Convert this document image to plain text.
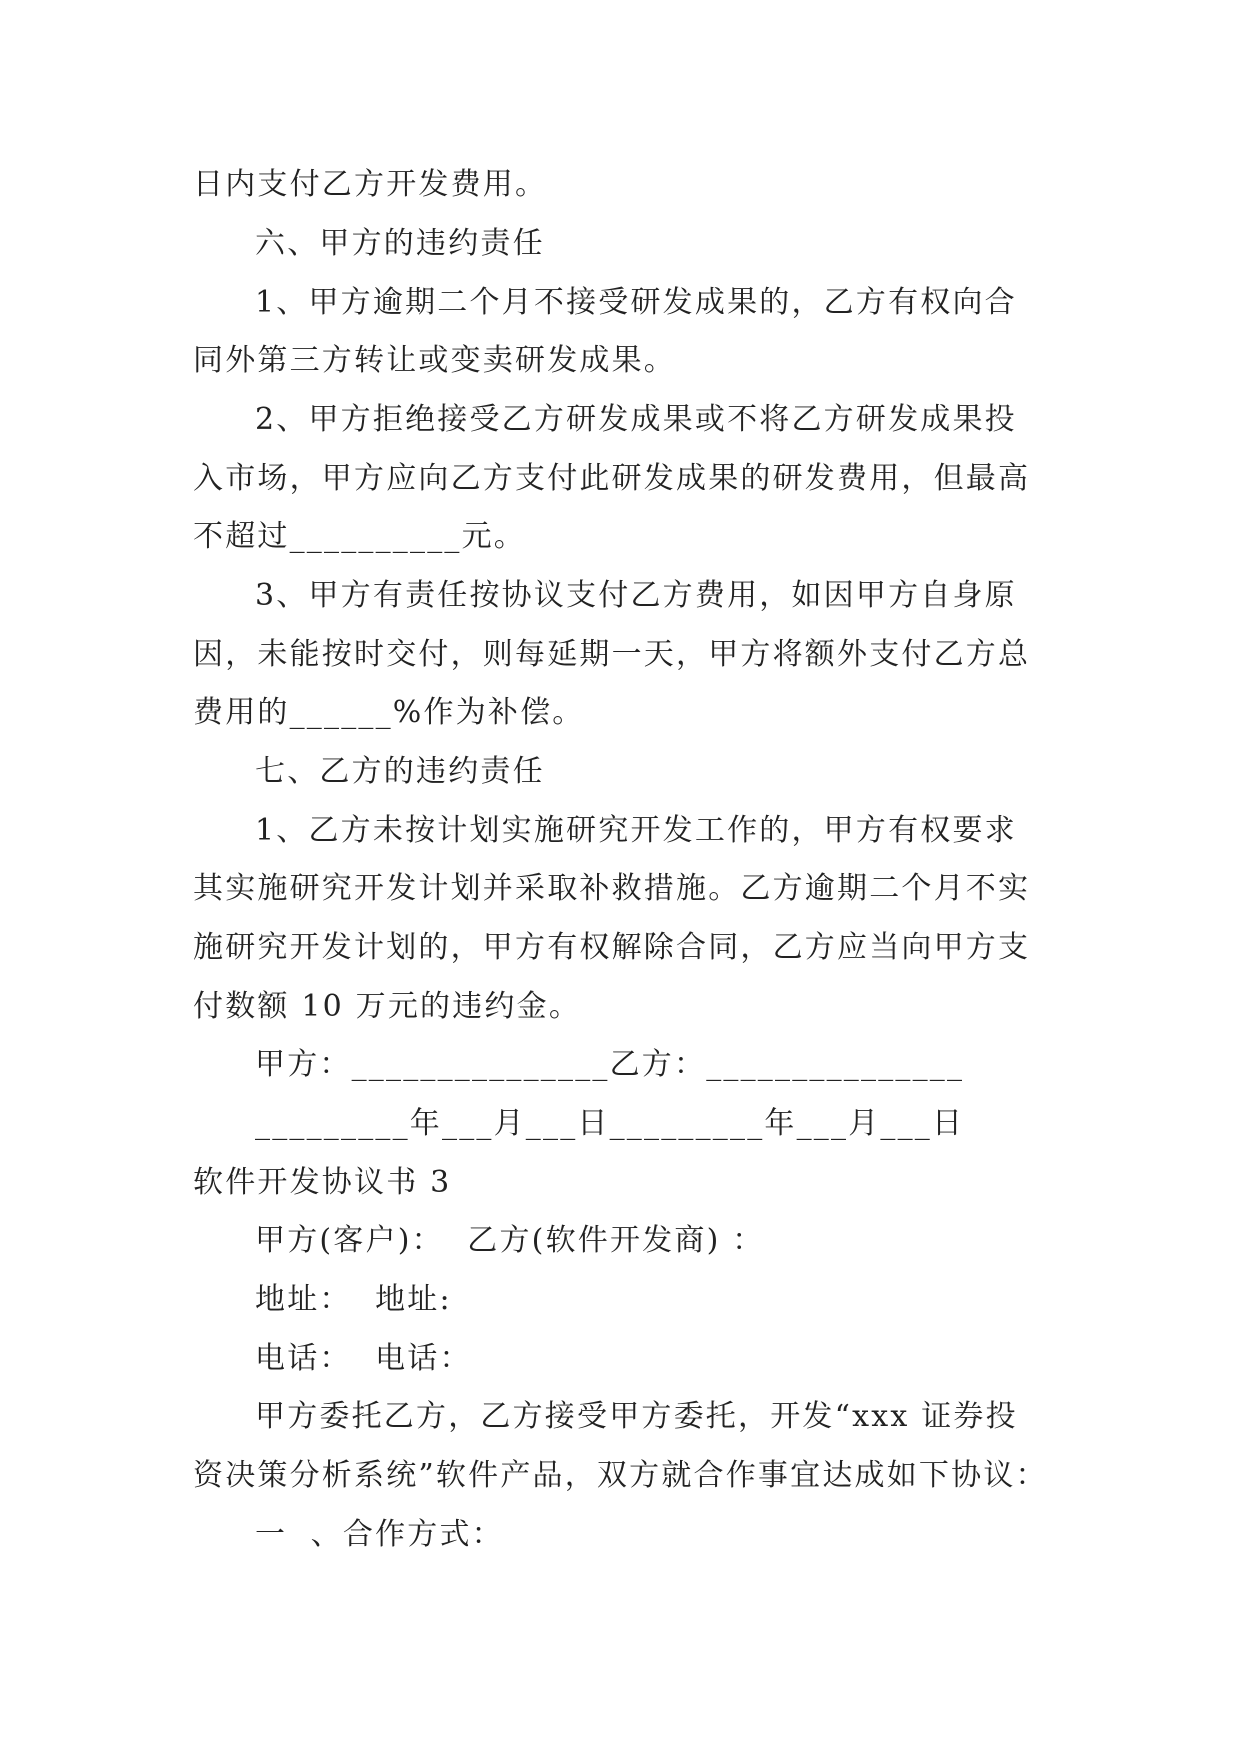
日内支付乙方开发费用。
六、甲方的违约责任
1、甲方逾期二个月不接受研发成果的，乙方有权向合
同外第三方转让或变卖研发成果。
2、甲方拒绝接受乙方研发成果或不将乙方研发成果投
入市场，甲方应向乙方支付此研发成果的研发费用，但最高
不超过__________元。
3、甲方有责任按协议支付乙方费用，如因甲方自身原
因，未能按时交付，则每延期一天，甲方将额外支付乙方总
费用的______%作为补偿。
七、乙方的违约责任
1、乙方未按计划实施研究开发工作的，甲方有权要求
其实施研究开发计划并采取补救措施。乙方逾期二个月不实
施研究开发计划的，甲方有权解除合同，乙方应当向甲方支
付数额 10 万元的违约金。
甲方：_______________乙方：_______________
_________年___月___日_________年___月___日
软件开发协议书 3
甲方(客户)：  乙方(软件开发商) ：
地址：  地址:
电话：  电话：
甲方委托乙方，乙方接受甲方委托，开发“xxx 证券投
资决策分析系统”软件产品，双方就合作事宜达成如下协议：
一  、合作方式：
